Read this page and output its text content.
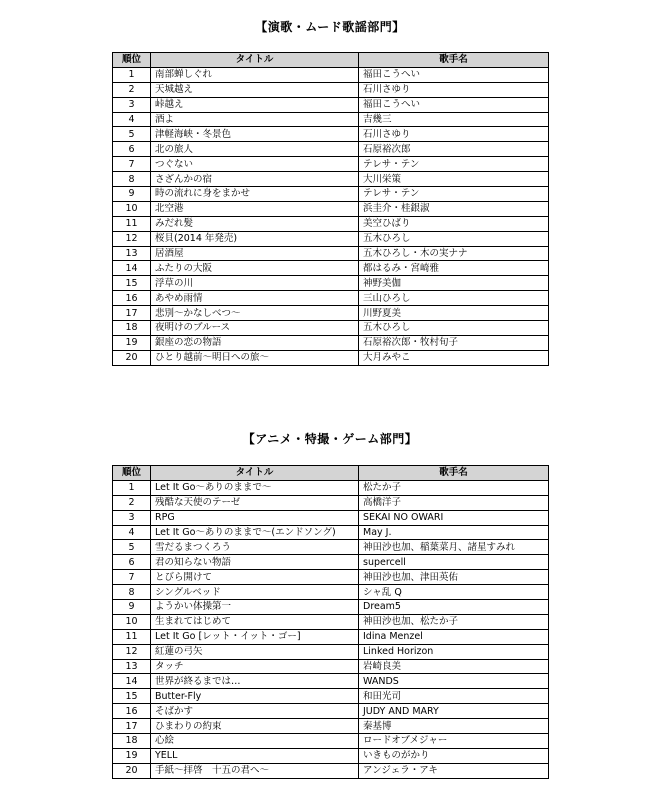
【演歌・ムード歌謡部門】
順位	タイトル	歌手名
1	南部蝉しぐれ	福田こうへい
2	天城越え	石川さゆり
3	峠越え	福田こうへい
4	酒よ	吉幾三
5	津軽海峡・冬景色	石川さゆり
6	北の旅人	石原裕次郎
7	つぐない	テレサ・テン
8	さざんかの宿	大川栄策
9	時の流れに身をまかせ	テレサ・テン
10	北空港	浜圭介・桂銀淑
11	みだれ髪	美空ひばり
12	桜貝(2014 年発売)	五木ひろし
13	居酒屋	五木ひろし・木の実ナナ
14	ふたりの大阪	都はるみ・宮崎雅
15	浮草の川	神野美伽
16	あやめ雨情	三山ひろし
17	悲別～かなしべつ～	川野夏美
18	夜明けのブルース	五木ひろし
19	銀座の恋の物語	石原裕次郎・牧村旬子
20	ひとり越前～明日への旅～	大月みやこ
【アニメ・特撮・ゲーム部門】
順位	タイトル	歌手名
1	Let It Go～ありのままで～	松たか子
2	残酷な天使のテーゼ	高橋洋子
3	RPG	SEKAI NO OWARI
4	Let It Go～ありのままで～(エンドソング)	May J.
5	雪だるまつくろう	神田沙也加、稲葉菜月、諸星すみれ
6	君の知らない物語	supercell
7	とびら開けて	神田沙也加、津田英佑
8	シングルベッド	シャ乱 Q
9	ようかい体操第一	Dream5
10	生まれてはじめて	神田沙也加、松たか子
11	Let It Go [レット・イット・ゴー]	Idina Menzel
12	紅蓮の弓矢	Linked Horizon
13	タッチ	岩崎良美
14	世界が終るまでは…	WANDS
15	Butter-Fly	和田光司
16	そばかす	JUDY AND MARY
17	ひまわりの約束	秦基博
18	心絵	ロードオブメジャー
19	YELL	いきものがかり
20	手紙～拝啓　十五の君へ～	アンジェラ・アキ
